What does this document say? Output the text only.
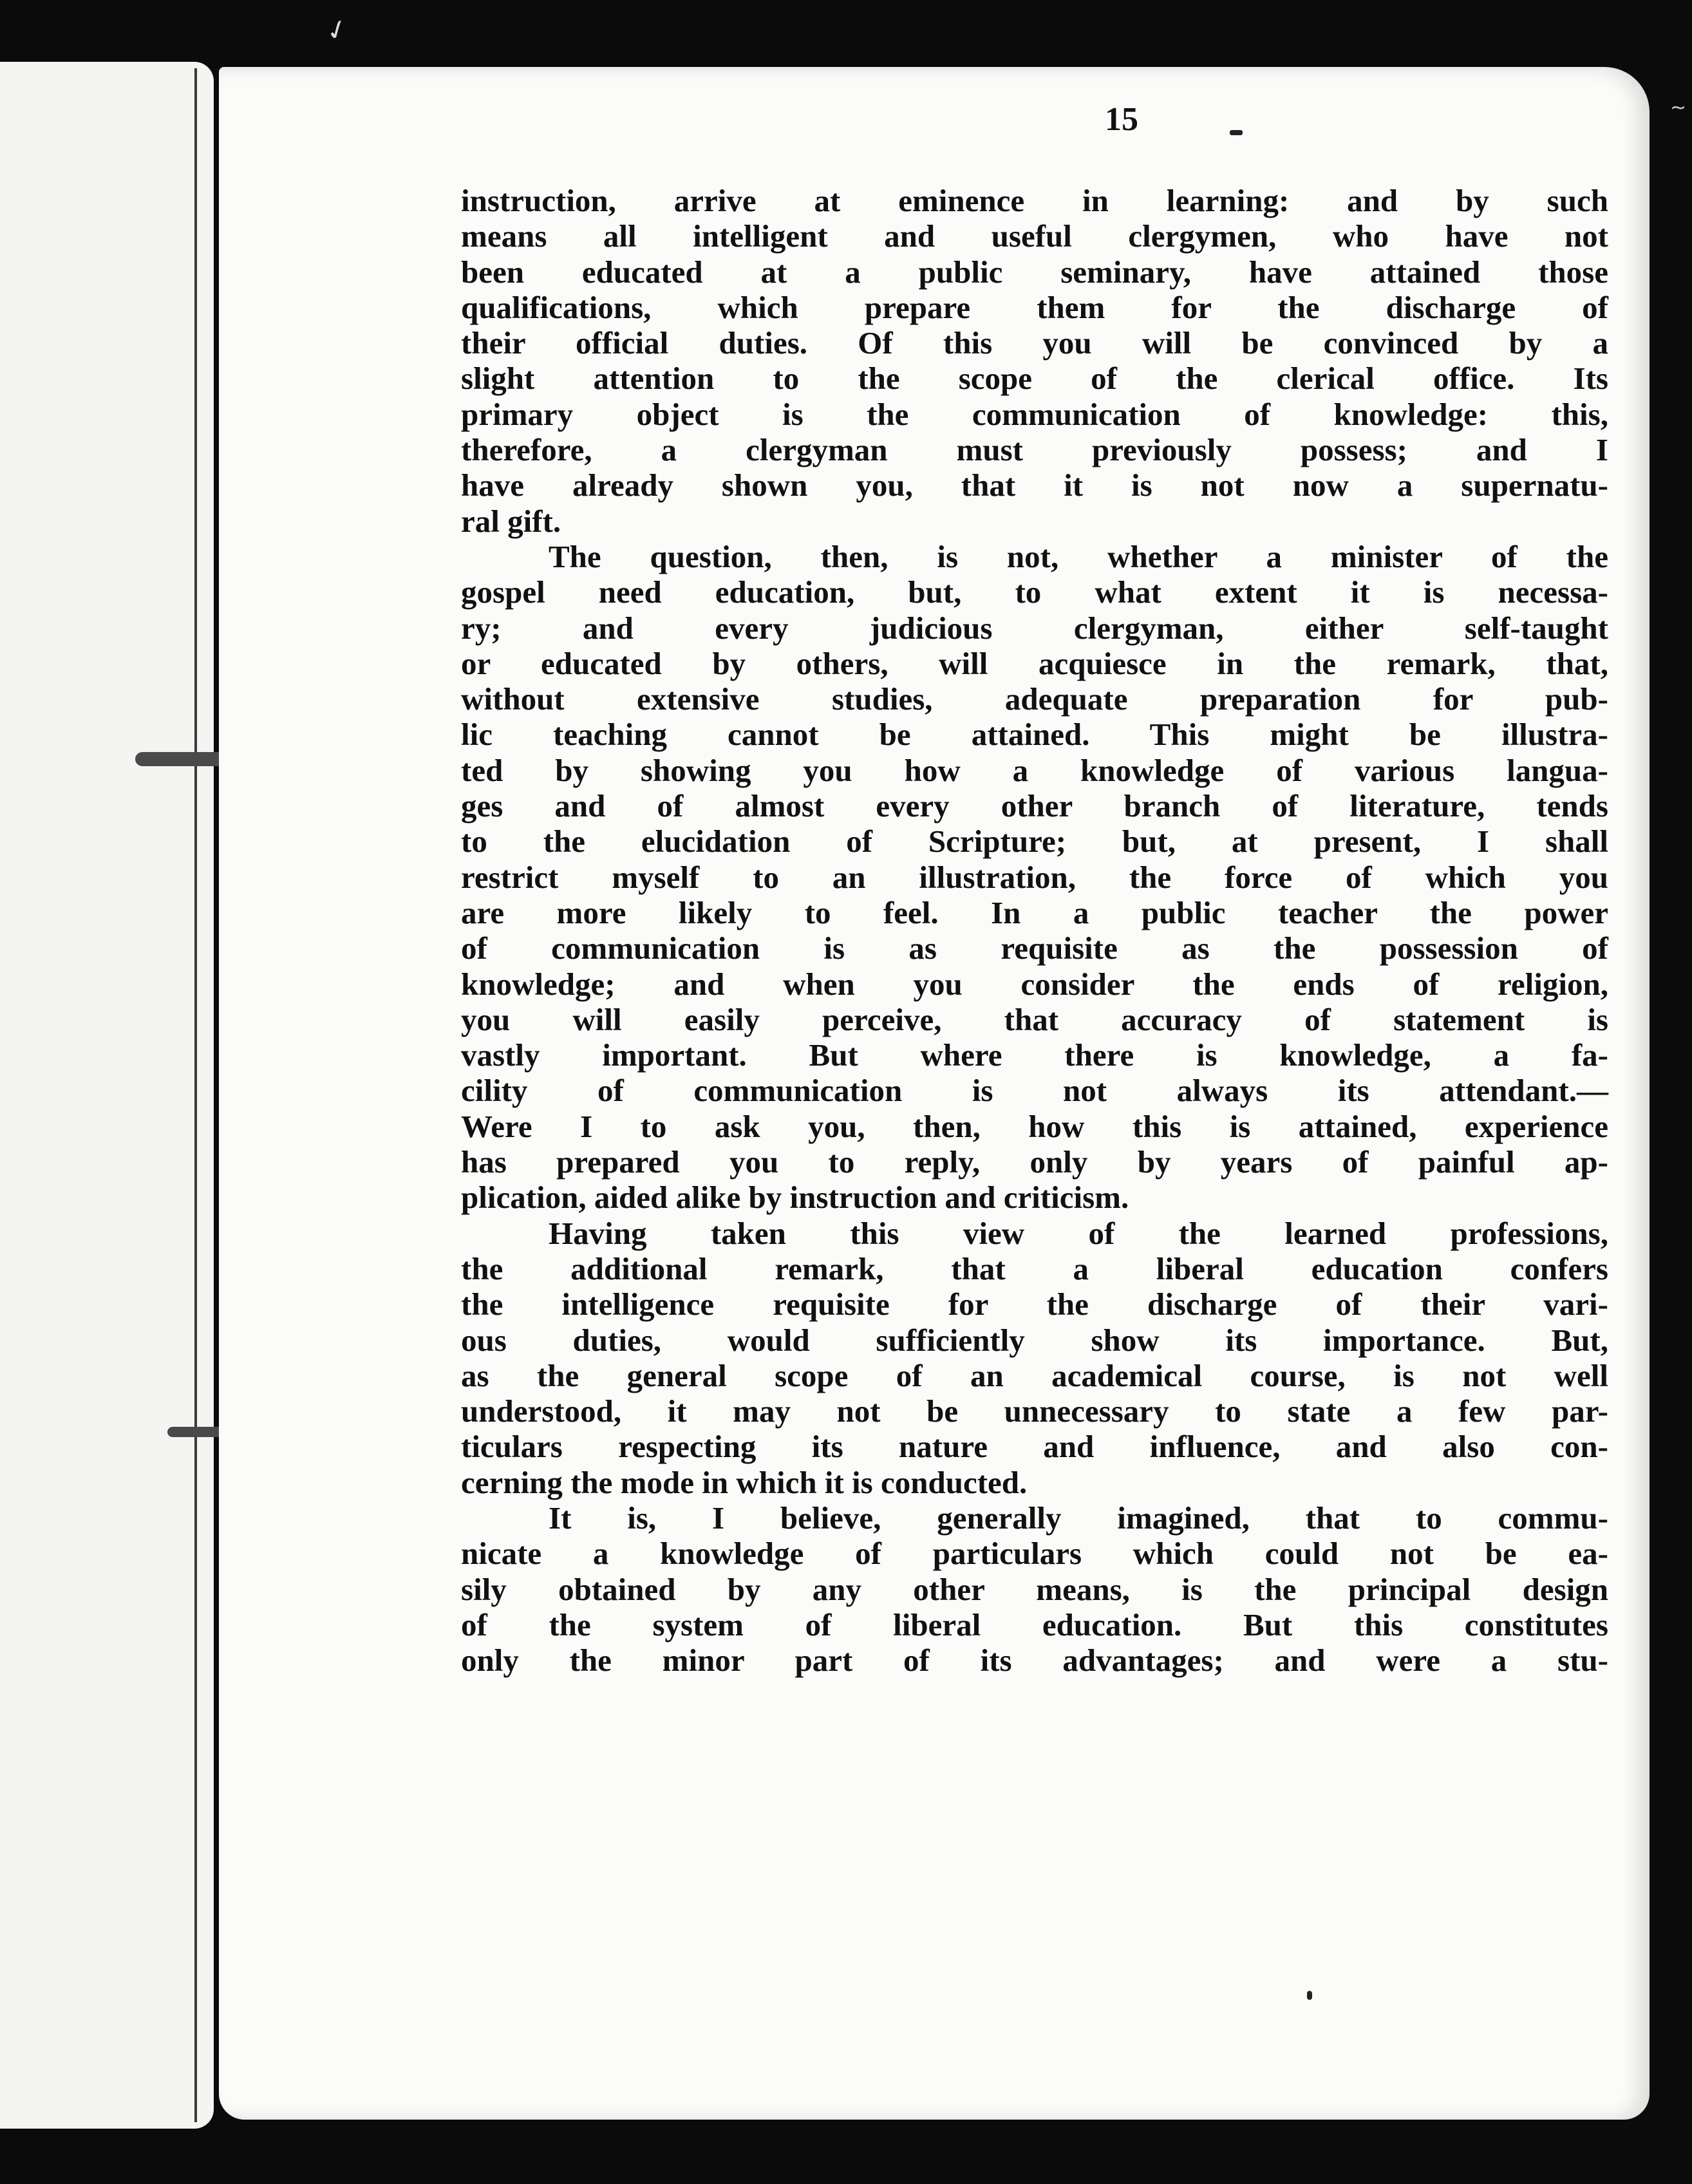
✓
15
instruction, arrive at eminence in learning: and by such
means all intelligent and useful clergymen, who have not
been educated at a public seminary, have attained those
qualifications, which prepare them for the discharge of
their official duties. Of this you will be convinced by a
slight attention to the scope of the clerical office. Its
primary object is the communication of knowledge: this,
therefore, a clergyman must previously possess; and I
have already shown you, that it is not now a supernatu-
ral gift.
The question, then, is not, whether a minister of the
gospel need education, but, to what extent it is necessa-
ry; and every judicious clergyman, either self-taught
or educated by others, will acquiesce in the remark, that,
without extensive studies, adequate preparation for pub-
lic teaching cannot be attained. This might be illustra-
ted by showing you how a knowledge of various langua-
ges and of almost every other branch of literature, tends
to the elucidation of Scripture; but, at present, I shall
restrict myself to an illustration, the force of which you
are more likely to feel. In a public teacher the power
of communication is as requisite as the possession of
knowledge; and when you consider the ends of religion,
you will easily perceive, that accuracy of statement is
vastly important. But where there is knowledge, a fa-
cility of communication is not always its attendant.—
Were I to ask you, then, how this is attained, experience
has prepared you to reply, only by years of painful ap-
plication, aided alike by instruction and criticism.
Having taken this view of the learned professions,
the additional remark, that a liberal education confers
the intelligence requisite for the discharge of their vari-
ous duties, would sufficiently show its importance. But,
as the general scope of an academical course, is not well
understood, it may not be unnecessary to state a few par-
ticulars respecting its nature and influence, and also con-
cerning the mode in which it is conducted.
It is, I believe, generally imagined, that to commu-
nicate a knowledge of particulars which could not be ea-
sily obtained by any other means, is the principal design
of the system of liberal education. But this constitutes
only the minor part of its advantages; and were a stu-
~
